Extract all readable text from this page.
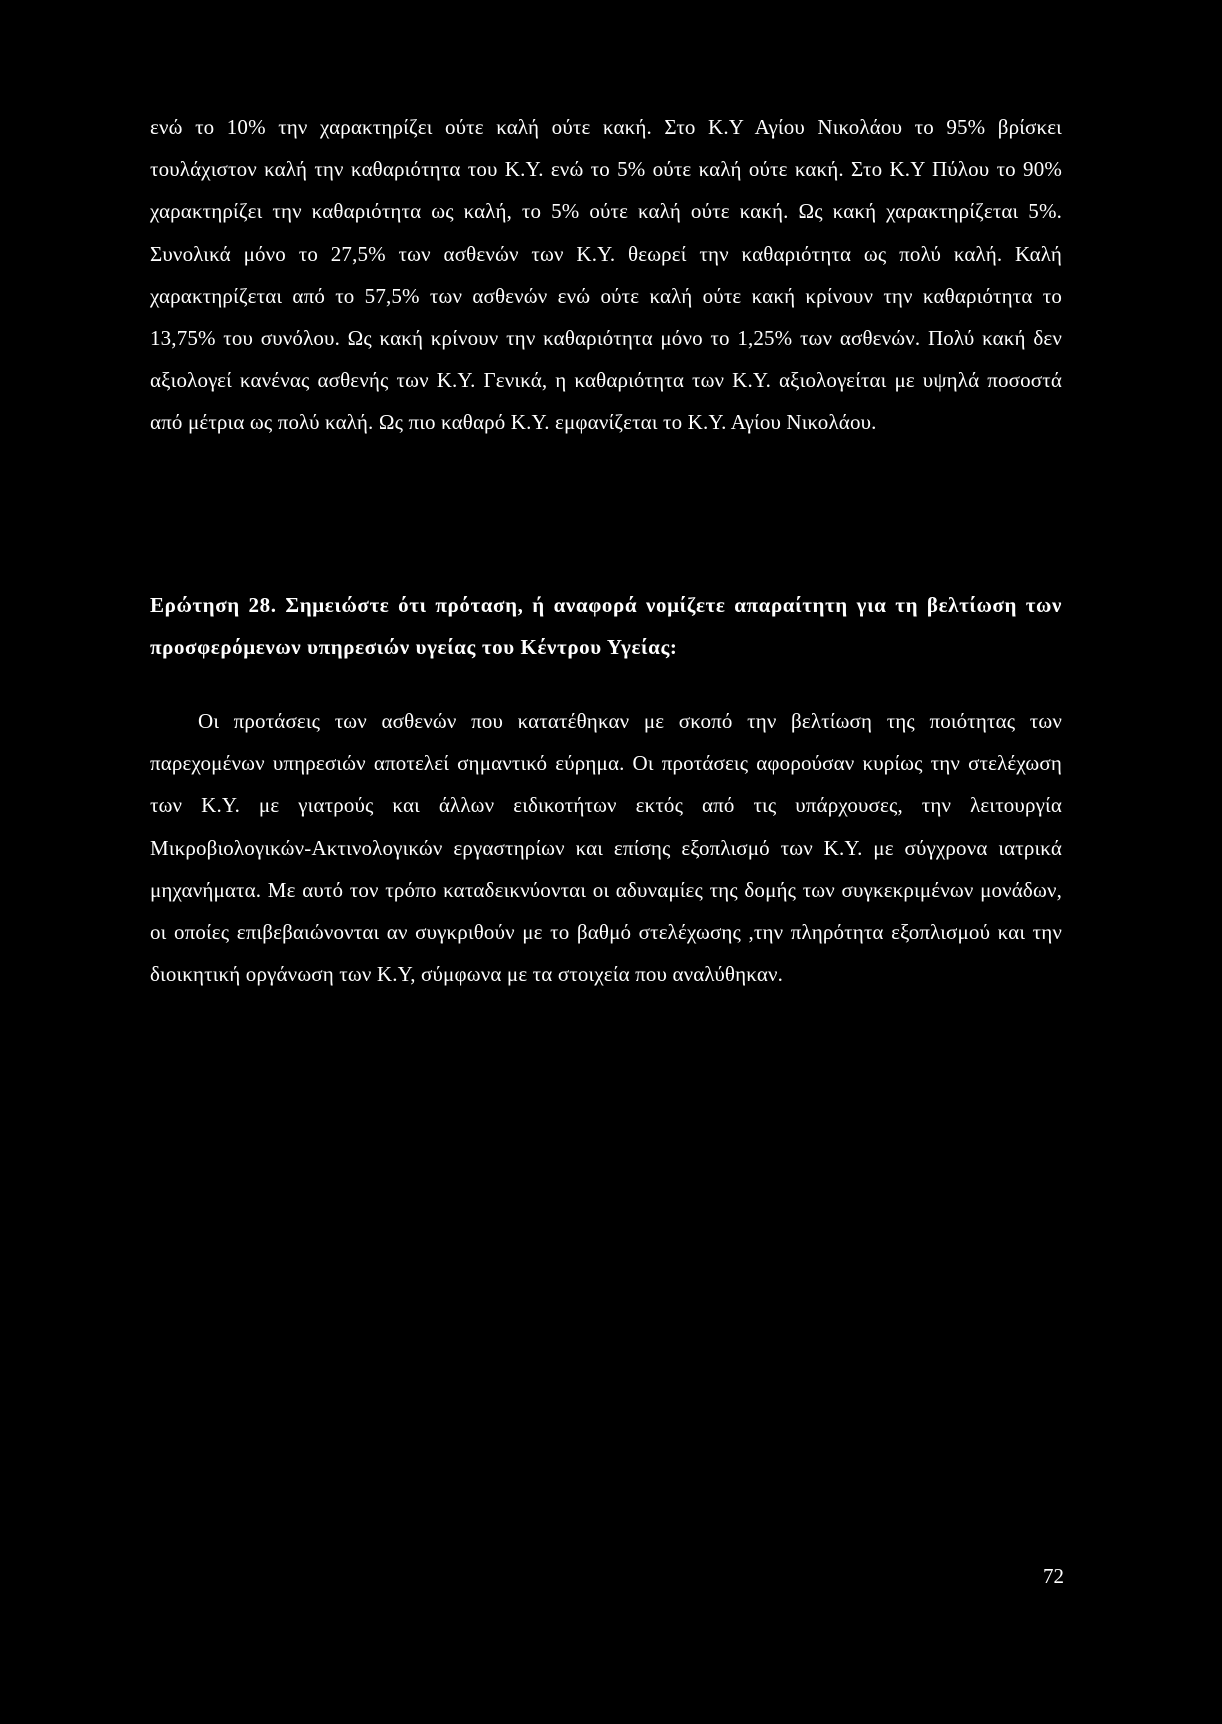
ενώ το 10% την χαρακτηρίζει ούτε καλή ούτε κακή. Στο Κ.Υ Αγίου Νικολάου το 95% βρίσκει τουλάχιστον καλή την καθαριότητα του Κ.Υ. ενώ το 5% ούτε καλή ούτε κακή. Στο Κ.Υ Πύλου το 90% χαρακτηρίζει την καθαριότητα ως καλή, το 5% ούτε καλή ούτε κακή. Ως κακή χαρακτηρίζεται 5%. Συνολικά μόνο το 27,5% των ασθενών των Κ.Υ. θεωρεί την καθαριότητα ως πολύ καλή. Καλή χαρακτηρίζεται από το 57,5% των ασθενών ενώ ούτε καλή ούτε κακή κρίνουν την καθαριότητα το 13,75% του συνόλου. Ως κακή κρίνουν την καθαριότητα μόνο το 1,25% των ασθενών. Πολύ κακή δεν αξιολογεί κανένας ασθενής των Κ.Υ. Γενικά, η καθαριότητα των Κ.Υ. αξιολογείται με υψηλά ποσοστά από μέτρια ως πολύ καλή. Ως πιο καθαρό Κ.Υ. εμφανίζεται το Κ.Υ. Αγίου Νικολάου.

Ερώτηση 28. Σημειώστε ότι πρόταση, ή αναφορά νομίζετε απαραίτητη για τη βελτίωση των προσφερόμενων υπηρεσιών υγείας του Κέντρου Υγείας:

Οι προτάσεις των ασθενών που κατατέθηκαν με σκοπό την βελτίωση της ποιότητας των παρεχομένων υπηρεσιών αποτελεί σημαντικό εύρημα. Οι προτάσεις αφορούσαν κυρίως την στελέχωση των Κ.Υ. με γιατρούς και άλλων ειδικοτήτων εκτός από τις υπάρχουσες, την λειτουργία Μικροβιολογικών-Ακτινολογικών εργαστηρίων και επίσης εξοπλισμό των Κ.Υ. με σύγχρονα ιατρικά μηχανήματα. Με αυτό τον τρόπο καταδεικνύονται οι αδυναμίες της δομής των συγκεκριμένων μονάδων, οι οποίες επιβεβαιώνονται αν συγκριθούν με το βαθμό στελέχωσης ,την πληρότητα εξοπλισμού και την διοικητική οργάνωση των Κ.Υ, σύμφωνα με τα στοιχεία που αναλύθηκαν.

72
